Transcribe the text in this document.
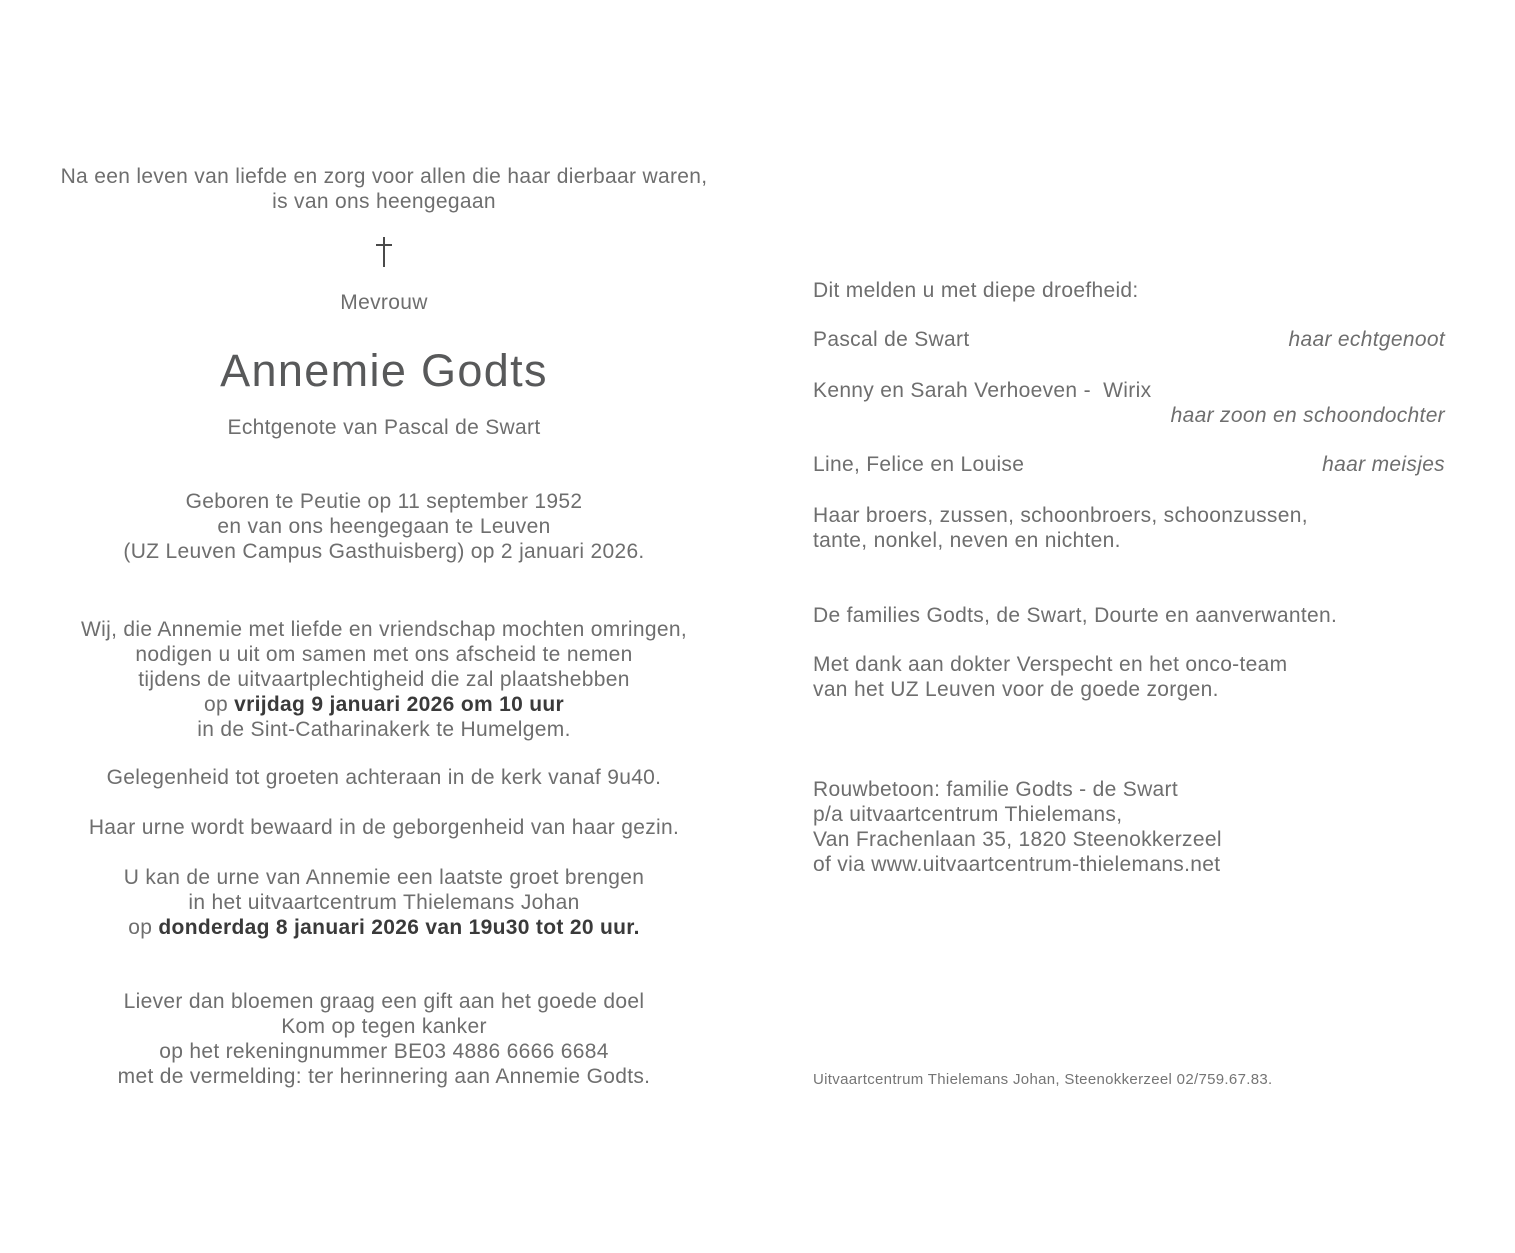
Na een leven van liefde en zorg voor allen die haar dierbaar waren,
is van ons heengegaan

Mevrouw

Annemie Godts

Echtgenote van Pascal de Swart

Geboren te Peutie op 11 september 1952
en van ons heengegaan te Leuven
(UZ Leuven Campus Gasthuisberg) op 2 januari 2026.

Wij, die Annemie met liefde en vriendschap mochten omringen,
nodigen u uit om samen met ons afscheid te nemen
tijdens de uitvaartplechtigheid die zal plaatshebben
op vrijdag 9 januari 2026 om 10 uur
in de Sint-Catharinakerk te Humelgem.

Gelegenheid tot groeten achteraan in de kerk vanaf 9u40.

Haar urne wordt bewaard in de geborgenheid van haar gezin.

U kan de urne van Annemie een laatste groet brengen
in het uitvaartcentrum Thielemans Johan
op donderdag 8 januari 2026 van 19u30 tot 20 uur.

Liever dan bloemen graag een gift aan het goede doel
Kom op tegen kanker
op het rekeningnummer BE03 4886 6666 6684
met de vermelding: ter herinnering aan Annemie Godts.

Dit melden u met diepe droefheid:

Pascal de Swart	haar echtgenoot
Kenny en Sarah Verhoeven -  Wirix
haar zoon en schoondochter
Line, Felice en Louise	haar meisjes

Haar broers, zussen, schoonbroers, schoonzussen,
tante, nonkel, neven en nichten.

De families Godts, de Swart, Dourte en aanverwanten.

Met dank aan dokter Verspecht en het onco-team
van het UZ Leuven voor de goede zorgen.

Rouwbetoon: familie Godts - de Swart
p/a uitvaartcentrum Thielemans,
Van Frachenlaan 35, 1820 Steenokkerzeel
of via www.uitvaartcentrum-thielemans.net

Uitvaartcentrum Thielemans Johan, Steenokkerzeel 02/759.67.83.
